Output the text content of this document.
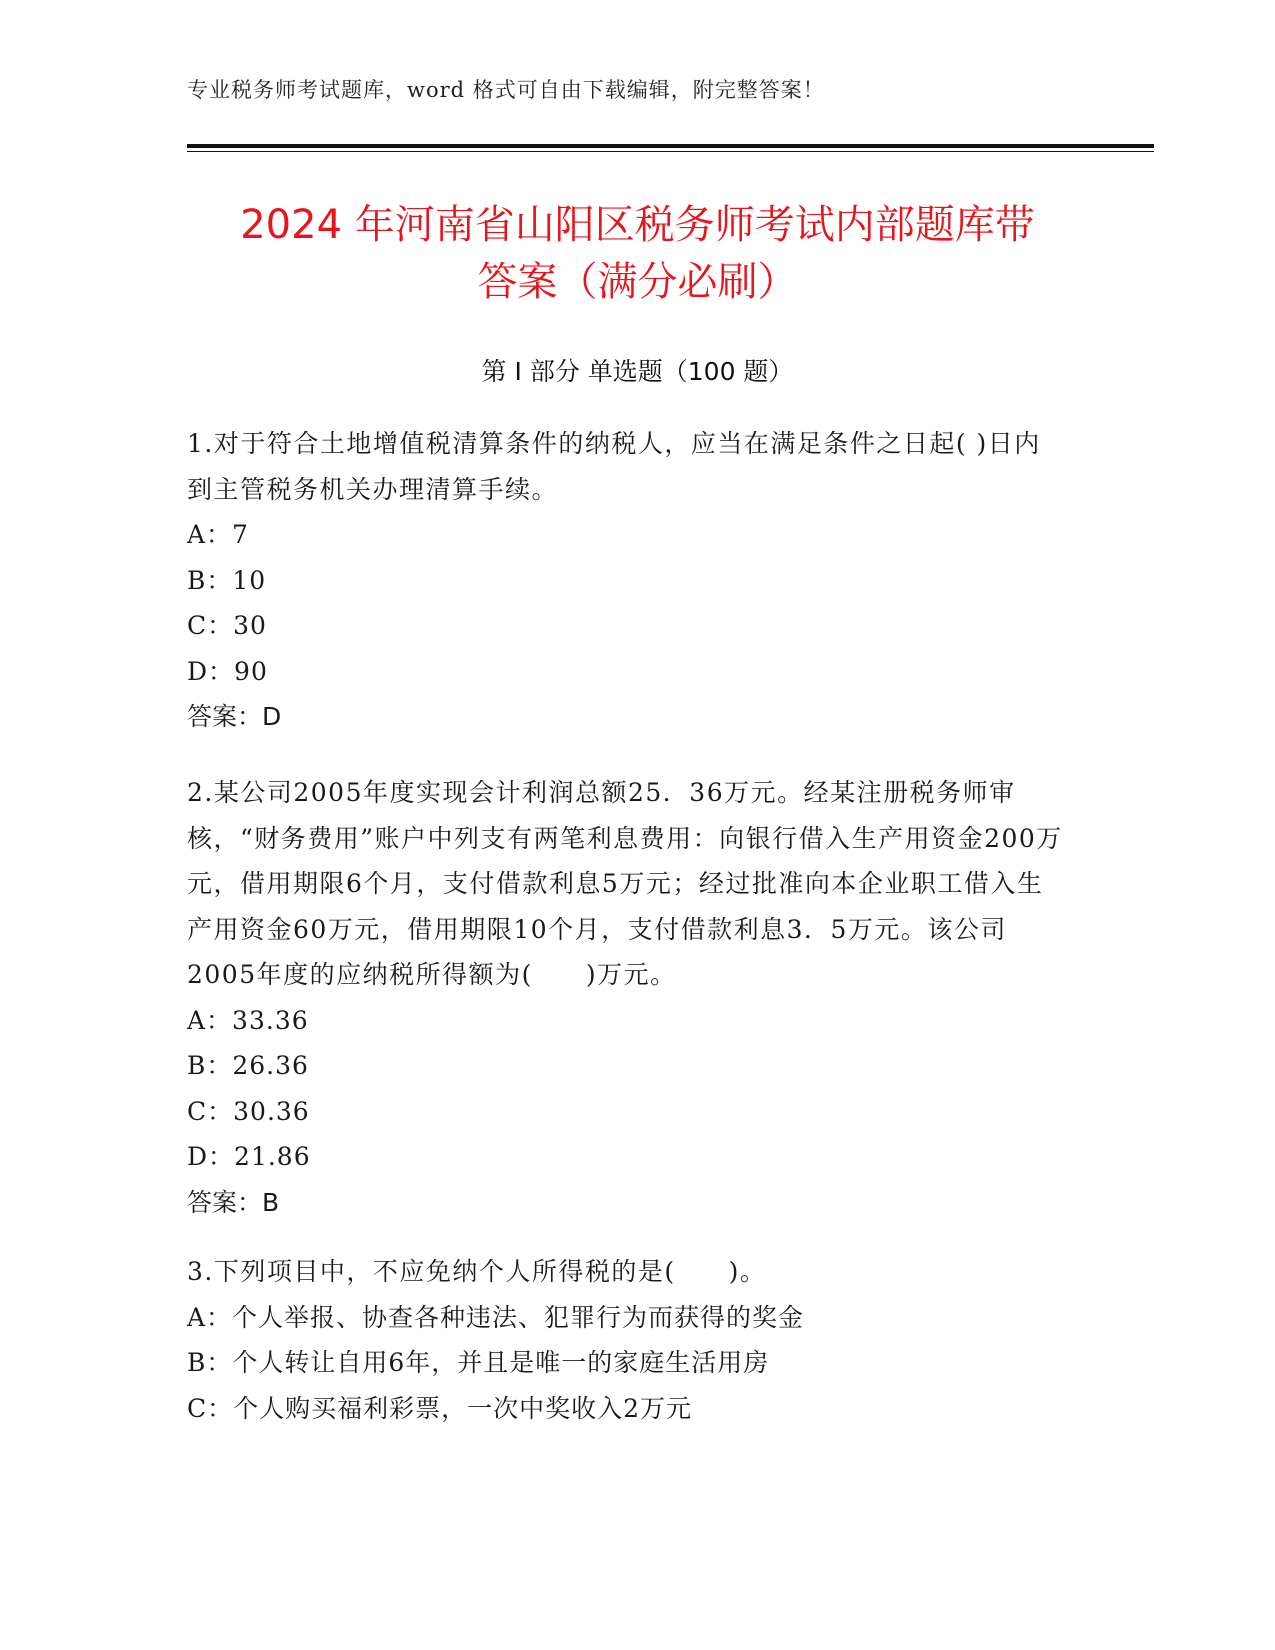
专业税务师考试题库，word 格式可自由下载编辑，附完整答案！
2024 年河南省山阳区税务师考试内部题库带
答案（满分必刷）
第 I 部分 单选题（100 题）

1.对于符合土地增值税清算条件的纳税人，应当在满足条件之日起( )日内到主管税务机关办理清算手续。

A：7

B：10

C：30

D：90

答案：D

2.某公司2005年度实现会计利润总额25．36万元。经某注册税务师审核，“财务费用”账户中列支有两笔利息费用：向银行借入生产用资金200万元，借用期限6个月，支付借款利息5万元；经过批准向本企业职工借入生产用资金60万元，借用期限10个月，支付借款利息3．5万元。该公司2005年度的应纳税所得额为(　　)万元。

A：33.36

B：26.36

C：30.36

D：21.86

答案：B

3.下列项目中，不应免纳个人所得税的是(　　)。

A：个人举报、协查各种违法、犯罪行为而获得的奖金

B：个人转让自用6年，并且是唯一的家庭生活用房

C：个人购买福利彩票，一次中奖收入2万元
